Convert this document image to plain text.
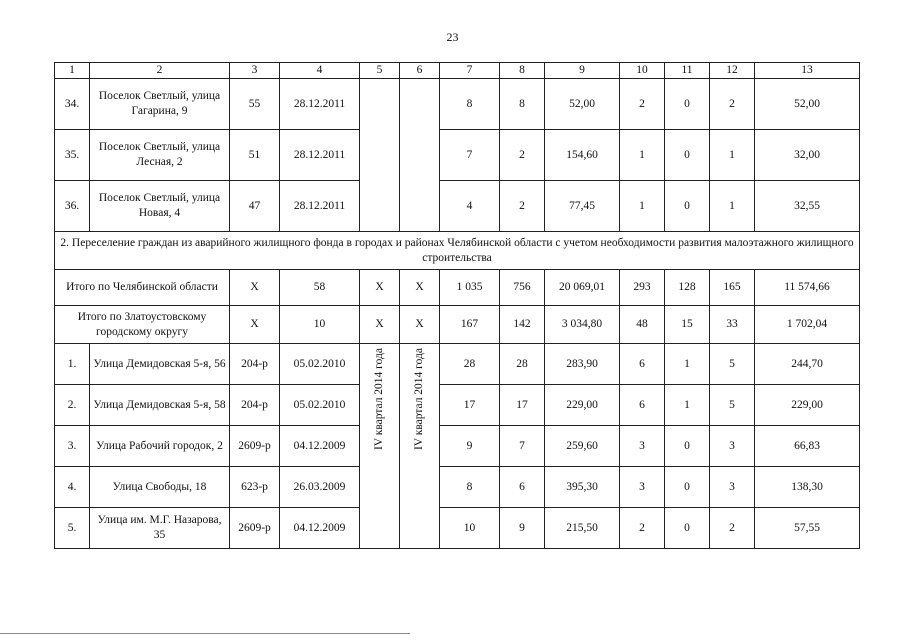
23
1	2	3	4	5	6	7	8	9	10	11	12	13
34.	Поселок Светлый, улица Гагарина, 9	55	28.12.2011			8	8	52,00	2	0	2	52,00
35.	Поселок Светлый, улица Лесная, 2	51	28.12.2011			7	2	154,60	1	0	1	32,00
36.	Поселок Светлый, улица Новая, 4	47	28.12.2011			4	2	77,45	1	0	1	32,55
2. Переселение граждан из аварийного жилищного фонда в городах и районах Челябинской области с учетом необходимости развития малоэтажного жилищного строительства												
Итого по Челябинской области		Х	58	Х	Х	1 035	756	20 069,01	293	128	165	11 574,66
Итого по Златоустовскому городскому округу		Х	10	Х	Х	167	142	3 034,80	48	15	33	1 702,04
1.	Улица Демидовская 5-я, 56	204-р	05.02.2010	IV квартал 2014 года	IV квартал 2014 года	28	28	283,90	6	1	5	244,70
2.	Улица Демидовская 5-я, 58	204-р	05.02.2010			17	17	229,00	6	1	5	229,00
3.	Улица Рабочий городок, 2	2609-р	04.12.2009			9	7	259,60	3	0	3	66,83
4.	Улица Свободы, 18	623-р	26.03.2009			8	6	395,30	3	0	3	138,30
5.	Улица им. М.Г. Назарова, 35	2609-р	04.12.2009			10	9	215,50	2	0	2	57,55
